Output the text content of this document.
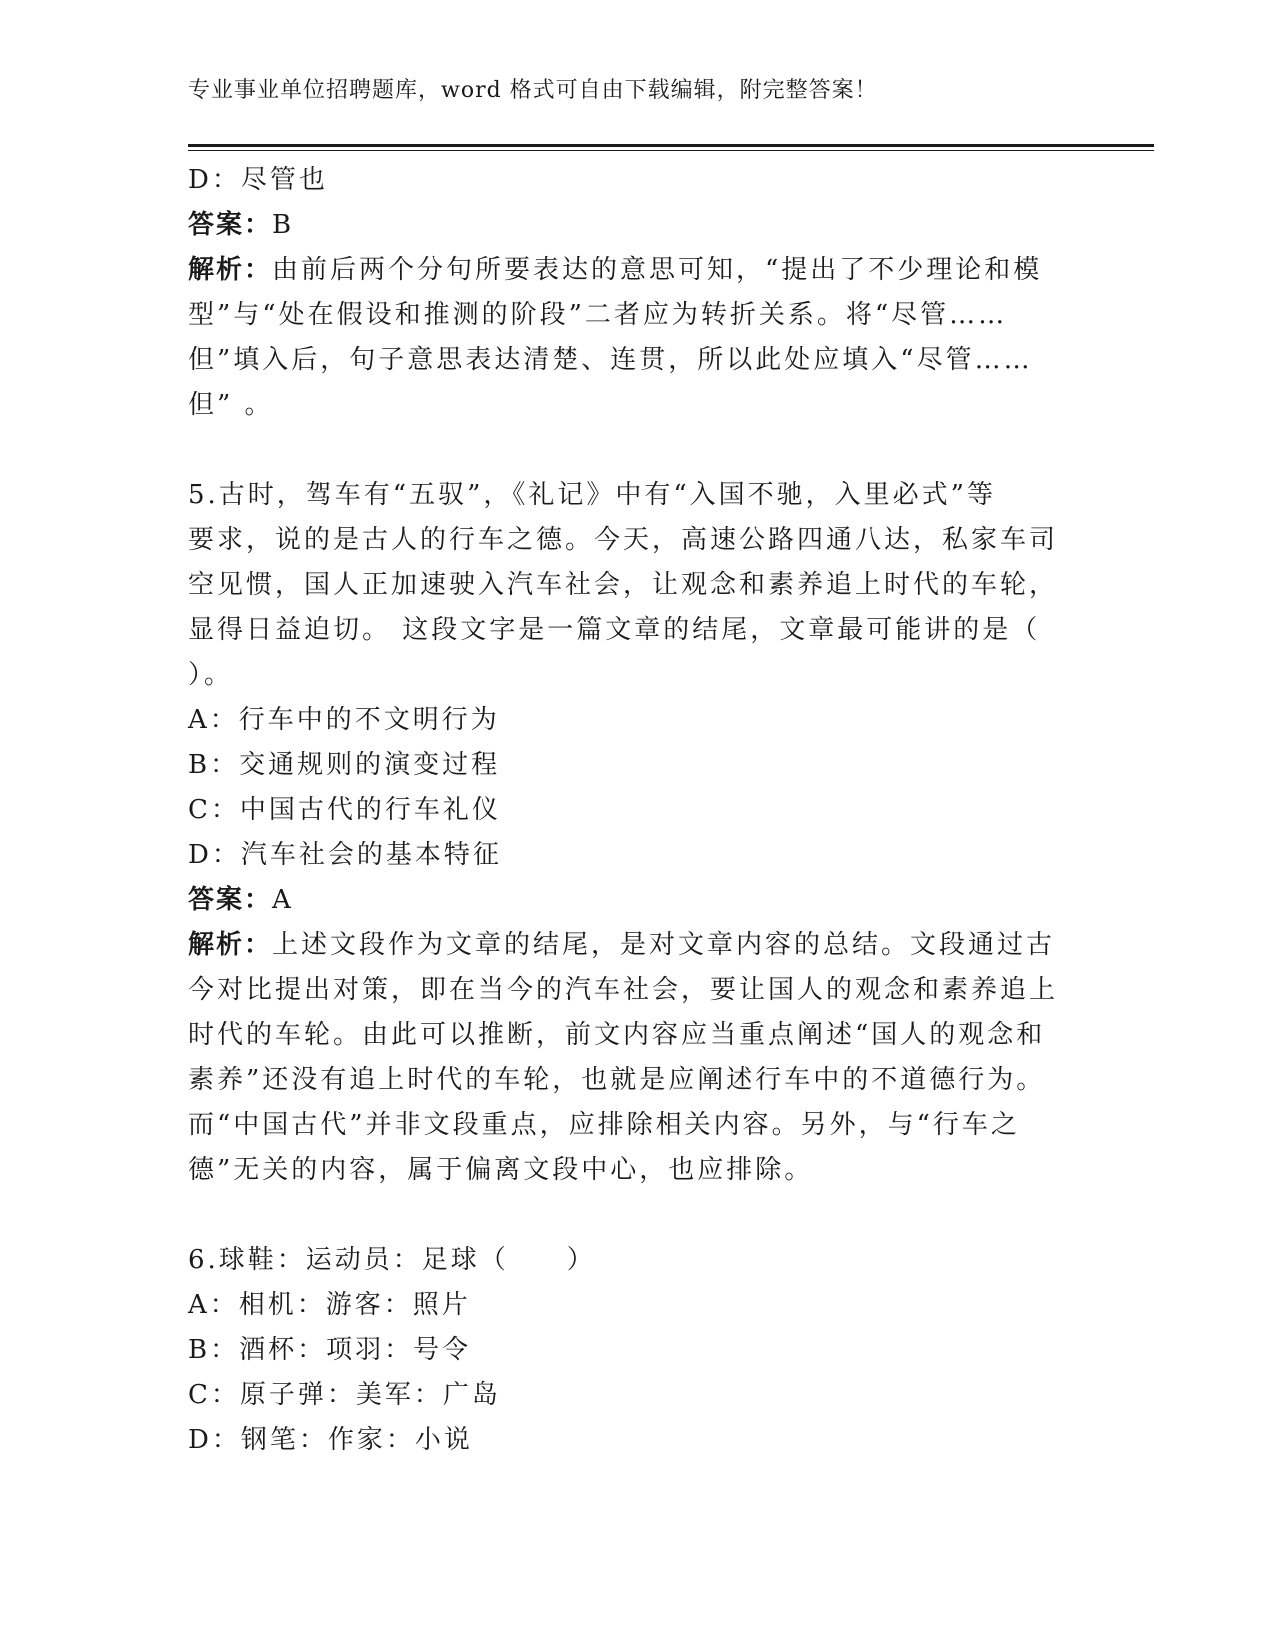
专业事业单位招聘题库，word 格式可自由下载编辑，附完整答案！
D：尽管也
答案：B
解析：由前后两个分句所要表达的意思可知，“提出了不少理论和模
型”与“处在假设和推测的阶段”二者应为转折关系。将“尽管……
但”填入后，句子意思表达清楚、连贯，所以此处应填入“尽管……
但” 。
5.古时，驾车有“五驭”，《礼记》中有“入国不驰，入里必式”等
要求，说的是古人的行车之德。今天，高速公路四通八达，私家车司
空见惯，国人正加速驶入汽车社会，让观念和素养追上时代的车轮，
显得日益迫切。 这段文字是一篇文章的结尾，文章最可能讲的是（
）。
A：行车中的不文明行为
B：交通规则的演变过程
C：中国古代的行车礼仪
D：汽车社会的基本特征
答案：A
解析：上述文段作为文章的结尾，是对文章内容的总结。文段通过古
今对比提出对策，即在当今的汽车社会，要让国人的观念和素养追上
时代的车轮。由此可以推断，前文内容应当重点阐述“国人的观念和
素养”还没有追上时代的车轮，也就是应阐述行车中的不道德行为。
而“中国古代”并非文段重点，应排除相关内容。另外，与“行车之
德”无关的内容，属于偏离文段中心，也应排除。
6.球鞋：运动员：足球（　　）
A：相机：游客：照片
B：酒杯：项羽：号令
C：原子弹：美军：广岛
D：钢笔：作家：小说
